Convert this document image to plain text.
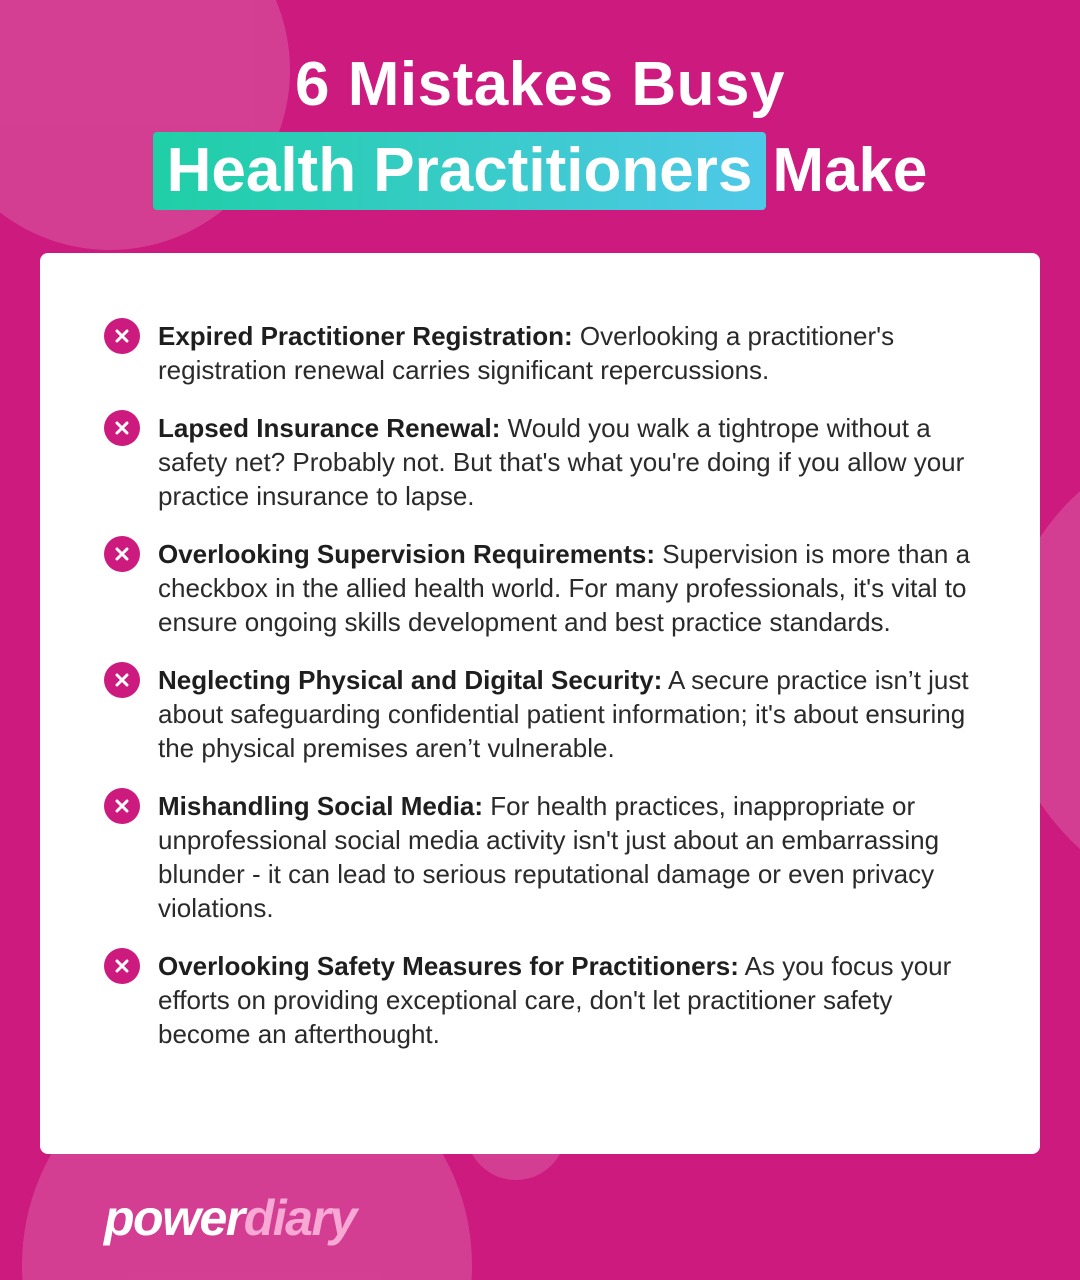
6 Mistakes Busy
Health Practitioners Make
Expired Practitioner Registration: Overlooking a practitioner's registration renewal carries significant repercussions.
Lapsed Insurance Renewal: Would you walk a tightrope without a safety net? Probably not. But that's what you're doing if you allow your practice insurance to lapse.
Overlooking Supervision Requirements: Supervision is more than a checkbox in the allied health world. For many professionals, it's vital to ensure ongoing skills development and best practice standards.
Neglecting Physical and Digital Security: A secure practice isn’t just about safeguarding confidential patient information; it's about ensuring the physical premises aren’t vulnerable.
Mishandling Social Media: For health practices, inappropriate or unprofessional social media activity isn't just about an embarrassing blunder - it can lead to serious reputational damage or even privacy violations.
Overlooking Safety Measures for Practitioners: As you focus your efforts on providing exceptional care, don't let practitioner safety become an afterthought.
powerdiary
